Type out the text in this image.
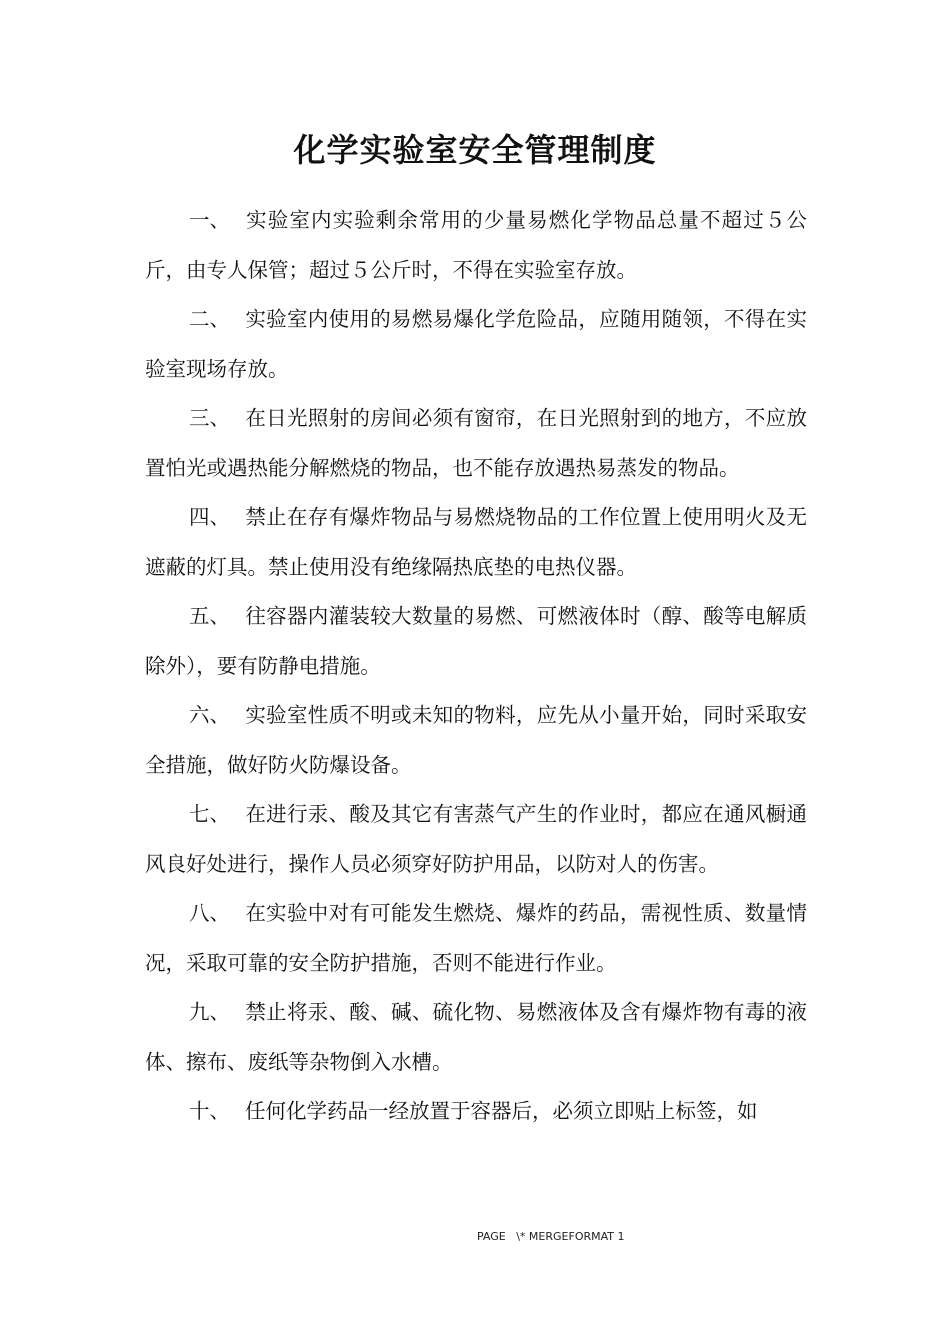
化学实验室安全管理制度

一、 实验室内实验剩余常用的少量易燃化学物品总量不超过５公斤，由专人保管；超过５公斤时，不得在实验室存放。

二、 实验室内使用的易燃易爆化学危险品，应随用随领，不得在实验室现场存放。

三、 在日光照射的房间必须有窗帘，在日光照射到的地方，不应放置怕光或遇热能分解燃烧的物品，也不能存放遇热易蒸发的物品。

四、 禁止在存有爆炸物品与易燃烧物品的工作位置上使用明火及无遮蔽的灯具。禁止使用没有绝缘隔热底垫的电热仪器。

五、 往容器内灌装较大数量的易燃、可燃液体时（醇、酸等电解质除外），要有防静电措施。

六、 实验室性质不明或未知的物料，应先从小量开始，同时采取安全措施，做好防火防爆设备。

七、 在进行汞、酸及其它有害蒸气产生的作业时，都应在通风橱通风良好处进行，操作人员必须穿好防护用品，以防对人的伤害。

八、 在实验中对有可能发生燃烧、爆炸的药品，需视性质、数量情况，采取可靠的安全防护措施，否则不能进行作业。

九、 禁止将汞、酸、碱、硫化物、易燃液体及含有爆炸物有毒的液体、擦布、废纸等杂物倒入水槽。

十、 任何化学药品一经放置于容器后，必须立即贴上标签，如

PAGE   \* MERGEFORMAT 1
